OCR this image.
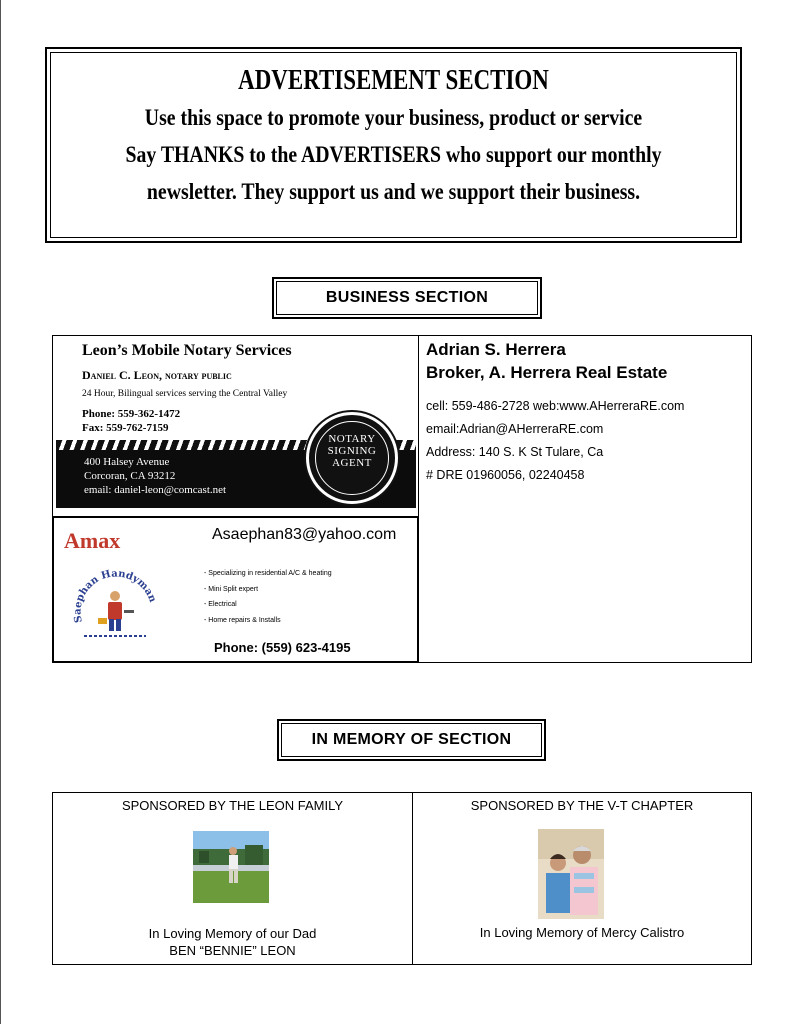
ADVERTISEMENT SECTION
Use this space to promote your business, product or service
Say THANKS to the ADVERTISERS who support our monthly
newsletter. They support us and we support their business.
BUSINESS SECTION
Leon’s Mobile Notary Services
Daniel C. Leon, notary public
24 Hour, Bilingual services serving the Central Valley
Phone: 559-362-1472
Fax: 559-762-7159
400 Halsey Avenue
Corcoran, CA 93212
email: daniel-leon@comcast.net
NOTARY
SIGNING
AGENT
Adrian S. Herrera
Broker, A. Herrera Real Estate
cell: 559-486-2728 web:www.AHerreraRE.com
email:Adrian@AHerreraRE.com
Address: 140 S. K St Tulare, Ca
# DRE 01960056, 02240458
Amax
Saephan Handyman
Asaephan83@yahoo.com
- Specializing in residential A/C & heating
- Mini Split expert
- Electrical
- Home repairs & Installs
Phone: (559) 623-4195
IN MEMORY OF SECTION
SPONSORED BY THE LEON FAMILY
In Loving Memory of our Dad
BEN “BENNIE” LEON
SPONSORED BY THE V-T CHAPTER
In Loving Memory of Mercy Calistro
